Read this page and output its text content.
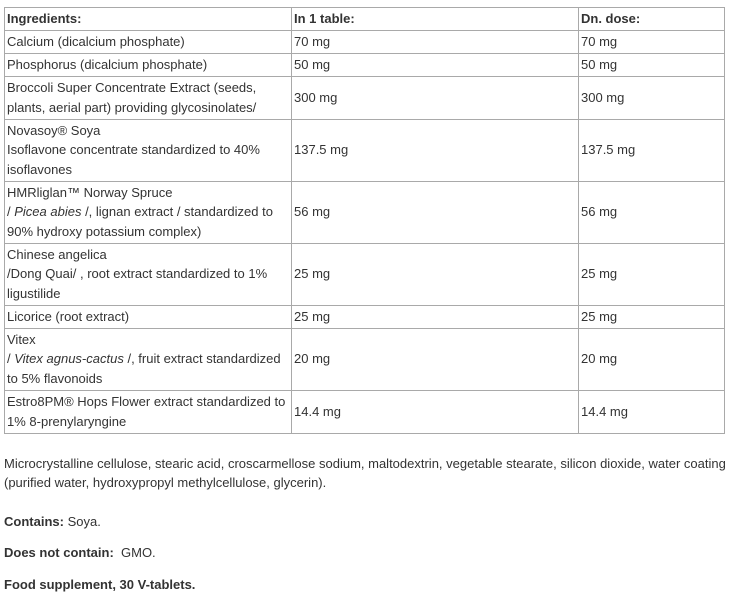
Ingredients:	In 1 table:	Dn. dose:
Calcium (dicalcium phosphate)	70 mg	70 mg
Phosphorus (dicalcium phosphate)	50 mg	50 mg
Broccoli Super Concentrate Extract (seeds, plants, aerial part) providing glycosinolates/	300 mg	300 mg
Novasoy® Soya
Isoflavone concentrate standardized to 40% isoflavones	137.5 mg	137.5 mg
HMRliglan™ Norway Spruce
/ Picea abies /, lignan extract / standardized to 90% hydroxy potassium complex)	56 mg	56 mg
Chinese angelica
/Dong Quai/ , root extract standardized to 1% ligustilide	25 mg	25 mg
Licorice (root extract)	25 mg	25 mg
Vitex
/ Vitex agnus-cactus /, fruit extract standardized to 5% flavonoids	20 mg	20 mg
Estro8PM® Hops Flower extract standardized to 1% 8-prenylaryngine	14.4 mg	14.4 mg

Microcrystalline cellulose, stearic acid, croscarmellose sodium, maltodextrin, vegetable stearate, silicon dioxide, water coating (purified water, hydroxypropyl methylcellulose, glycerin).

Contains: Soya.

Does not contain:  GMO.

Food supplement, 30 V-tablets.
